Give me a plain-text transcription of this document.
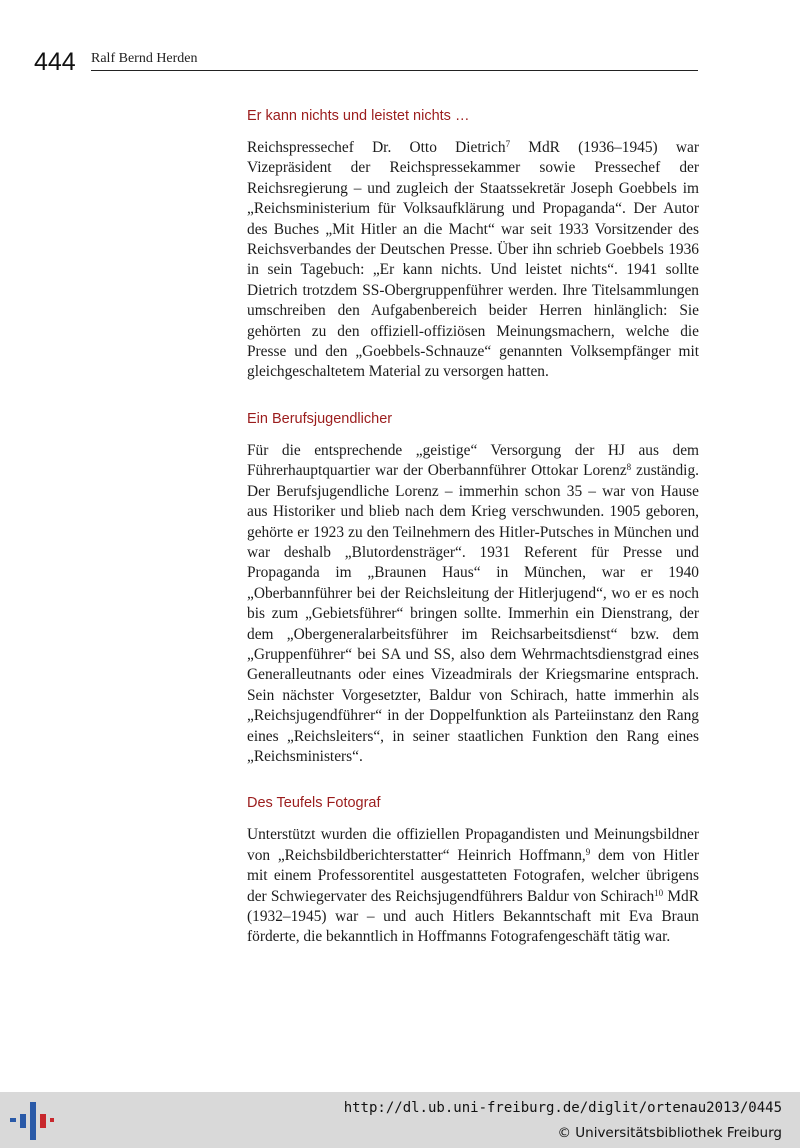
444 Ralf Bernd Herden
Er kann nichts und leistet nichts …

Reichspressechef Dr. Otto Dietrich$^7$ MdR (1936–1945) war Vizepräsident der Reichspressekammer sowie Pressechef der Reichsregierung – und zugleich der Staatssekretär Joseph Goebbels im „Reichsministerium für Volksaufklärung und Propaganda“. Der Autor des Buches „Mit Hitler an die Macht“ war seit 1933 Vorsitzender des Reichsverbandes der Deutschen Presse. Über ihn schrieb Goebbels 1936 in sein Tagebuch: „Er kann nichts. Und leistet nichts“. 1941 sollte Dietrich trotzdem SS-Obergruppenführer werden. Ihre Titelsammlungen umschreiben den Aufgabenbereich beider Herren hinlänglich: Sie gehörten zu den offiziell-offiziösen Meinungsmachern, welche die Presse und den „Goebbels-Schnauze“ genannten Volksempfänger mit gleichgeschaltetem Material zu versorgen hatten.

Ein Berufsjugendlicher

Für die entsprechende „geistige“ Versorgung der HJ aus dem Führerhauptquartier war der Oberbannführer Ottokar Lorenz$^8$ zuständig. Der Berufsjugendliche Lorenz – immerhin schon 35 – war von Hause aus Historiker und blieb nach dem Krieg verschwunden. 1905 geboren, gehörte er 1923 zu den Teilnehmern des Hitler-Putsches in München und war deshalb „Blutordensträger“. 1931 Referent für Presse und Propaganda im „Braunen Haus“ in München, war er 1940 „Oberbannführer bei der Reichsleitung der Hitlerjugend“, wo er es noch bis zum „Gebietsführer“ bringen sollte. Immerhin ein Dienstrang, der dem „Obergeneralarbeitsführer im Reichsarbeitsdienst“ bzw. dem „Gruppenführer“ bei SA und SS, also dem Wehrmachtsdienstgrad eines Generalleutnants oder eines Vizeadmirals der Kriegsmarine entsprach. Sein nächster Vorgesetzter, Baldur von Schirach, hatte immerhin als „Reichsjugendführer“ in der Doppelfunktion als Parteiinstanz den Rang eines „Reichsleiters“, in seiner staatlichen Funktion den Rang eines „Reichsministers“.

Des Teufels Fotograf

Unterstützt wurden die offiziellen Propagandisten und Meinungsbildner von „Reichsbildberichterstatter“ Heinrich Hoffmann,$^9$ dem von Hitler mit einem Professorentitel ausgestatteten Fotografen, welcher übrigens der Schwiegervater des Reichsjugendführers Baldur von Schirach$^{10}$ MdR (1932–1945) war – und auch Hitlers Bekanntschaft mit Eva Braun förderte, die bekanntlich in Hoffmanns Fotografengeschäft tätig war.

http://dl.ub.uni-freiburg.de/diglit/ortenau2013/0445
© Universitätsbibliothek Freiburg
